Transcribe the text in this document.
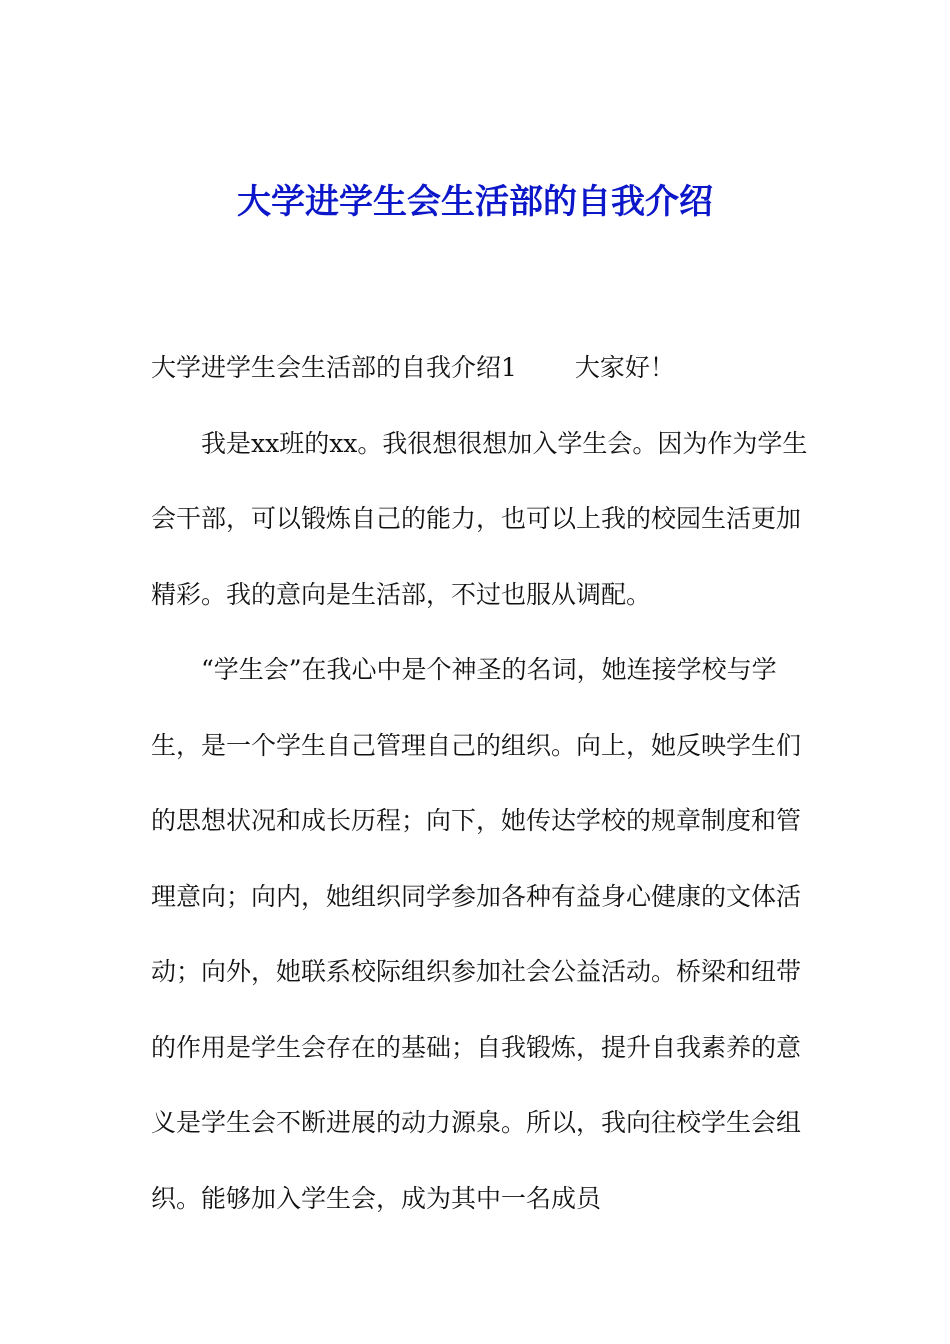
大学进学生会生活部的自我介绍

大学进学生会生活部的自我介绍1 大家好！

我是xx班的xx。我很想很想加入学生会。因为作为学生会干部，可以锻炼自己的能力，也可以上我的校园生活更加精彩。我的意向是生活部，不过也服从调配。

“学生会”在我心中是个神圣的名词，她连接学校与学生，是一个学生自己管理自己的组织。向上，她反映学生们的思想状况和成长历程；向下，她传达学校的规章制度和管理意向；向内，她组织同学参加各种有益身心健康的文体活动；向外，她联系校际组织参加社会公益活动。桥梁和纽带的作用是学生会存在的基础；自我锻炼，提升自我素养的意义是学生会不断进展的动力源泉。所以，我向往校学生会组织。能够加入学生会，成为其中一名成员
